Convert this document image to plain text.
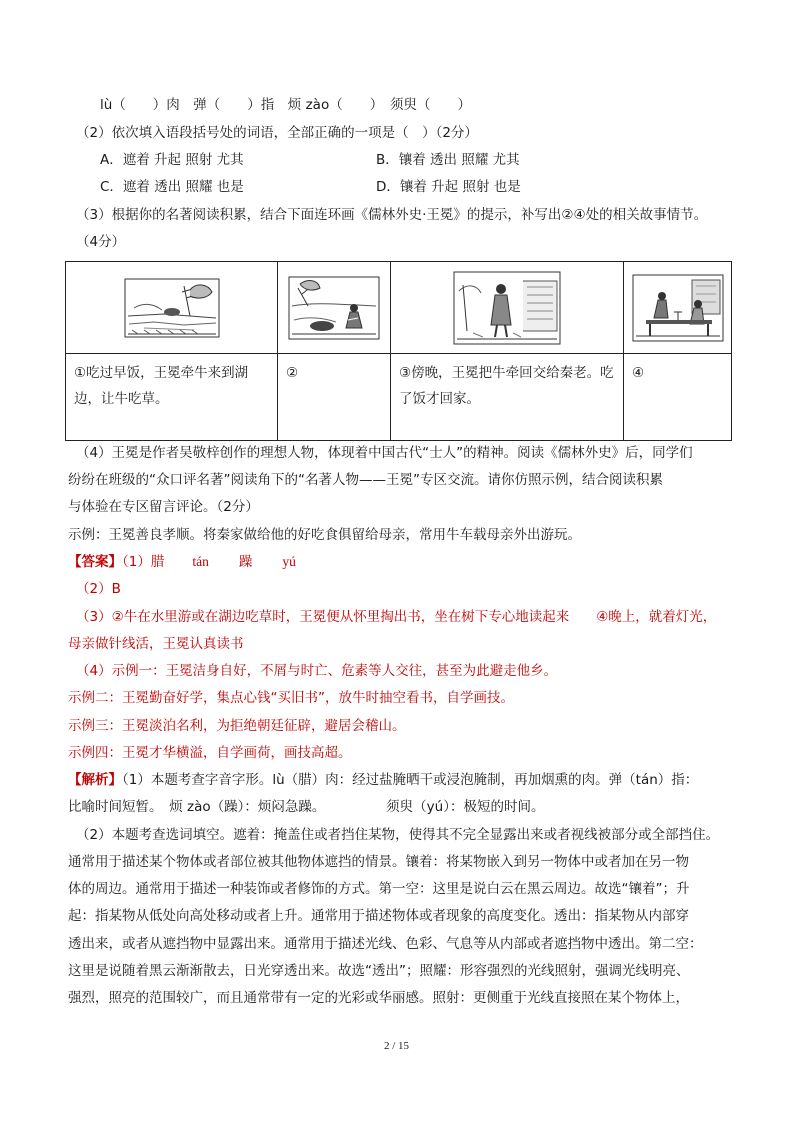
lù（　　）肉　弹（　　）指　烦 zào（　　）　须臾（　　）
（2）依次填入语段括号处的词语，全部正确的一项是（　）（2分）
A．遮着 升起 照射 尤其	B．镶着 透出 照耀 尤其
C．遮着 透出 照耀 也是	D．镶着 升起 照射 也是
（3）根据你的名著阅读积累，结合下面连环画《儒林外史·王冕》的提示，补写出②④处的相关故事情节。
（4分）

①吃过早饭，王冕牵牛来到湖边，让牛吃草。	②	③傍晚，王冕把牛牵回交给秦老。吃了饭才回家。	④
（4）王冕是作者吴敬梓创作的理想人物，体现着中国古代“士人”的精神。阅读《儒林外史》后，同学们
纷纷在班级的“众口评名著”阅读角下的“名著人物——王冕”专区交流。请你仿照示例，结合阅读积累
与体验在专区留言评论。（2分）
示例：王冕善良孝顺。将秦家做给他的好吃食俱留给母亲，常用牛车载母亲外出游玩。
【答案】（1）腊 tán 躁 yú
（2）B
（3）②牛在水里游或在湖边吃草时，王冕便从怀里掏出书，坐在树下专心地读起来　　④晚上，就着灯光，
母亲做针线活，王冕认真读书
（4）示例一：王冕洁身自好，不屑与时亡、危素等人交往，甚至为此避走他乡。
示例二：王冕勤奋好学，集点心钱“买旧书”，放牛时抽空看书，自学画技。
示例三：王冕淡泊名利，为拒绝朝廷征辟，避居会稽山。
示例四：王冕才华横溢，自学画荷，画技高超。
【解析】（1）本题考查字音字形。lù（腊）肉：经过盐腌晒干或浸泡腌制，再加烟熏的肉。弹（tán）指：
比喻时间短暂。　烦 zào（躁）：烦闷急躁。　　　　　须臾（yú）：极短的时间。
（2）本题考查选词填空。遮着：掩盖住或者挡住某物，使得其不完全显露出来或者视线被部分或全部挡住。
通常用于描述某个物体或者部位被其他物体遮挡的情景。镶着：将某物嵌入到另一物体中或者加在另一物
体的周边。通常用于描述一种装饰或者修饰的方式。第一空：这里是说白云在黑云周边。故选“镶着”；升
起：指某物从低处向高处移动或者上升。通常用于描述物体或者现象的高度变化。透出：指某物从内部穿
透出来，或者从遮挡物中显露出来。通常用于描述光线、色彩、气息等从内部或者遮挡物中透出。第二空：
这里是说随着黑云渐渐散去，日光穿透出来。故选“透出”；照耀：形容强烈的光线照射，强调光线明亮、
强烈，照亮的范围较广，而且通常带有一定的光彩或华丽感。照射：更侧重于光线直接照在某个物体上，
2 / 15
